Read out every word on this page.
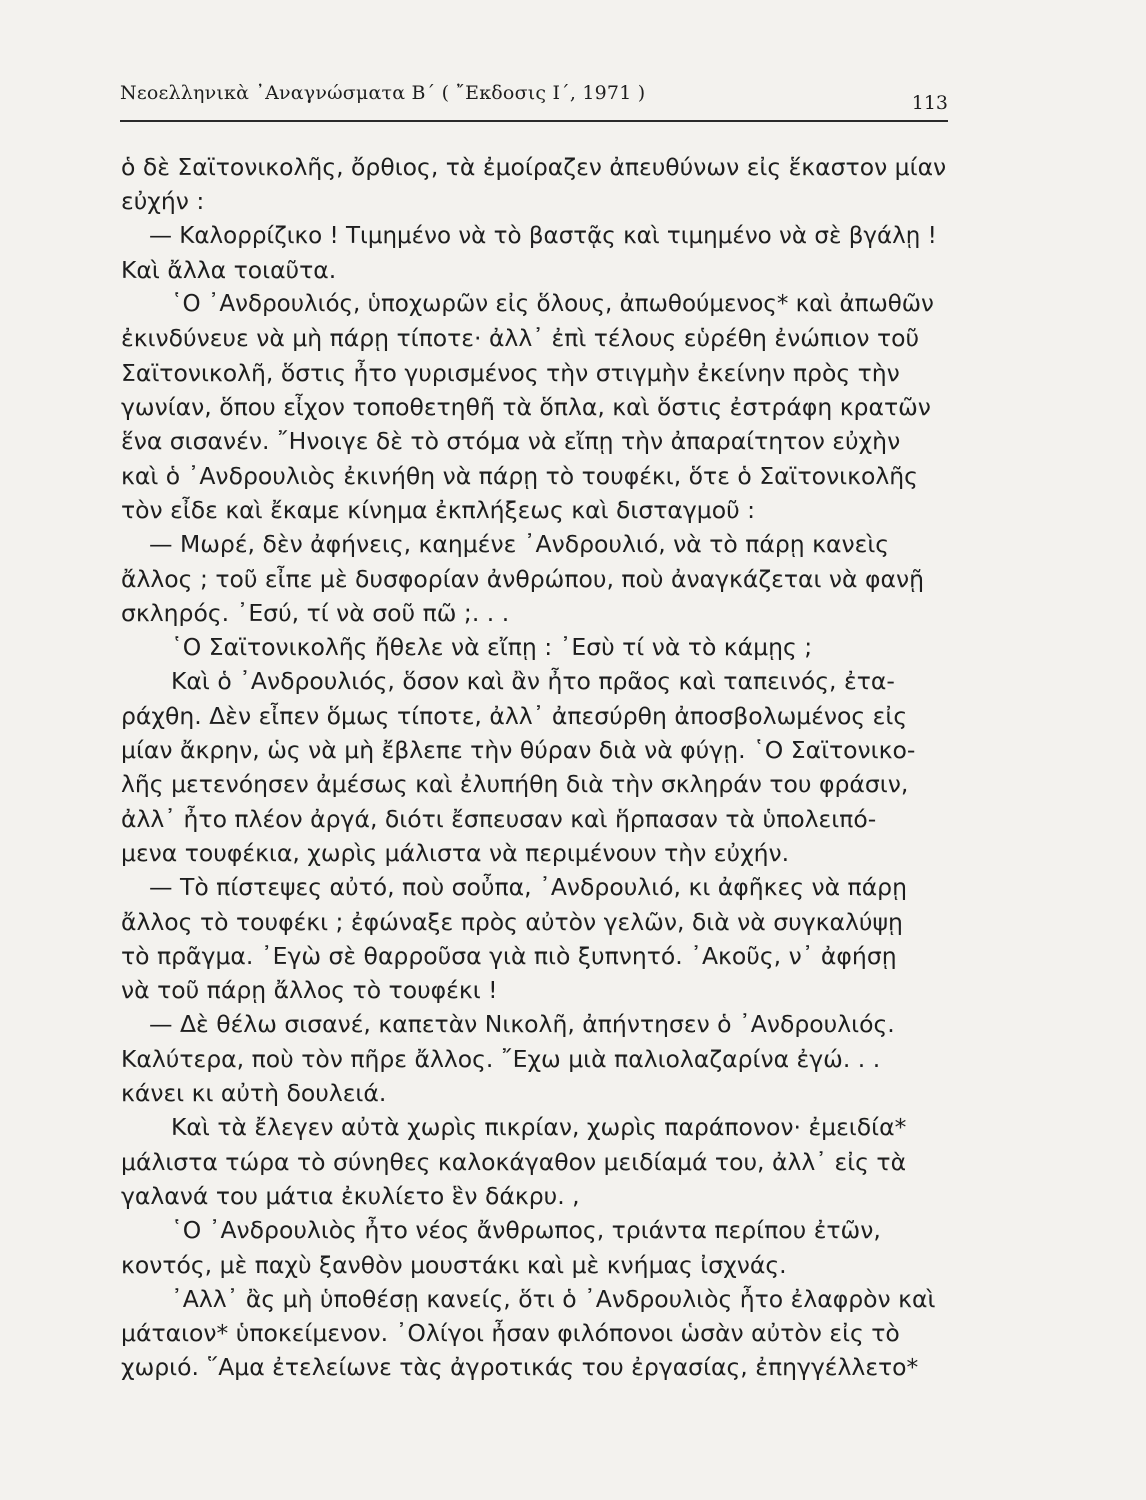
Νεοελληνικὰ ᾿Αναγνώσματα Β΄ ( ῎Εκδοσις Ι΄, 1971 )	113
ὁ δὲ Σαϊτονικολῆς, ὄρθιος, τὰ ἐμοίραζεν ἀπευθύνων εἰς ἕκαστον μίαν
εὐχήν :
— Καλορρίζικο ! Τιμημένο νὰ τὸ βαστᾷς καὶ τιμημένο νὰ σὲ βγάλῃ !
Καὶ ἄλλα τοιαῦτα.
῾Ο ᾿Ανδρουλιός, ὑποχωρῶν εἰς ὅλους, ἀπωθούμενος* καὶ ἀπωθῶν
ἐκινδύνευε νὰ μὴ πάρῃ τίποτε· ἀλλ᾿ ἐπὶ τέλους εὑρέθη ἐνώπιον τοῦ
Σαϊτονικολῆ, ὅστις ἦτο γυρισμένος τὴν στιγμὴν ἐκείνην πρὸς τὴν
γωνίαν, ὅπου εἶχον τοποθετηθῆ τὰ ὅπλα, καὶ ὅστις ἐστράφη κρατῶν
ἕνα σισανέν. ῎Ηνοιγε δὲ τὸ στόμα νὰ εἴπῃ τὴν ἀπαραίτητον εὐχὴν
καὶ ὁ ᾿Ανδρουλιὸς ἐκινήθη νὰ πάρῃ τὸ τουφέκι, ὅτε ὁ Σαϊτονικολῆς
τὸν εἶδε καὶ ἔκαμε κίνημα ἐκπλήξεως καὶ δισταγμοῦ :
— Μωρέ, δὲν ἀφήνεις, καημένε ᾿Ανδρουλιό, νὰ τὸ πάρῃ κανεὶς
ἄλλος ; τοῦ εἶπε μὲ δυσφορίαν ἀνθρώπου, ποὺ ἀναγκάζεται νὰ φανῇ
σκληρός. ᾿Εσύ, τί νὰ σοῦ πῶ ;. . .
῾Ο Σαϊτονικολῆς ἤθελε νὰ εἴπῃ : ᾿Εσὺ τί νὰ τὸ κάμῃς ;
Καὶ ὁ ᾿Ανδρουλιός, ὅσον καὶ ἂν ἦτο πρᾶος καὶ ταπεινός, ἐτα-
ράχθη. Δὲν εἶπεν ὅμως τίποτε, ἀλλ᾿ ἀπεσύρθη ἀποσβολωμένος εἰς
μίαν ἄκρην, ὡς νὰ μὴ ἔβλεπε τὴν θύραν διὰ νὰ φύγῃ. ῾Ο Σαϊτονικο-
λῆς μετενόησεν ἀμέσως καὶ ἐλυπήθη διὰ τὴν σκληράν του φράσιν,
ἀλλ᾿ ἦτο πλέον ἀργά, διότι ἔσπευσαν καὶ ἥρπασαν τὰ ὑπολειπό-
μενα τουφέκια, χωρὶς μάλιστα νὰ περιμένουν τὴν εὐχήν.
— Τὸ πίστεψες αὐτό, ποὺ σοὖπα, ᾿Ανδρουλιό, κι ἀφῆκες νὰ πάρῃ
ἄλλος τὸ τουφέκι ; ἐφώναξε πρὸς αὐτὸν γελῶν, διὰ νὰ συγκαλύψῃ
τὸ πρᾶγμα. ᾿Εγὼ σὲ θαρροῦσα γιὰ πιὸ ξυπνητό. ᾿Ακοῦς, ν᾿ ἀφήσῃ
νὰ τοῦ πάρῃ ἄλλος τὸ τουφέκι !
— Δὲ θέλω σισανέ, καπετὰν Νικολῆ, ἀπήντησεν ὁ ᾿Ανδρουλιός.
Καλύτερα, ποὺ τὸν πῆρε ἄλλος. ῎Εχω μιὰ παλιολαζαρίνα ἐγώ. . .
κάνει κι αὐτὴ δουλειά.
Καὶ τὰ ἔλεγεν αὐτὰ χωρὶς πικρίαν, χωρὶς παράπονον· ἐμειδία*
μάλιστα τώρα τὸ σύνηθες καλοκάγαθον μειδίαμά του, ἀλλ᾿ εἰς τὰ
γαλανά του μάτια ἐκυλίετο ἓν δάκρυ. ,
῾Ο ᾿Ανδρουλιὸς ἦτο νέος ἄνθρωπος, τριάντα περίπου ἐτῶν,
κοντός, μὲ παχὺ ξανθὸν μουστάκι καὶ μὲ κνήμας ἰσχνάς.
᾿Αλλ᾿ ἂς μὴ ὑποθέσῃ κανείς, ὅτι ὁ ᾿Ανδρουλιὸς ἦτο ἐλαφρὸν καὶ
μάταιον* ὑποκείμενον. ᾿Ολίγοι ἦσαν φιλόπονοι ὡσὰν αὐτὸν εἰς τὸ
χωριό. ῞Αμα ἐτελείωνε τὰς ἀγροτικάς του ἐργασίας, ἐπηγγέλλετο*
